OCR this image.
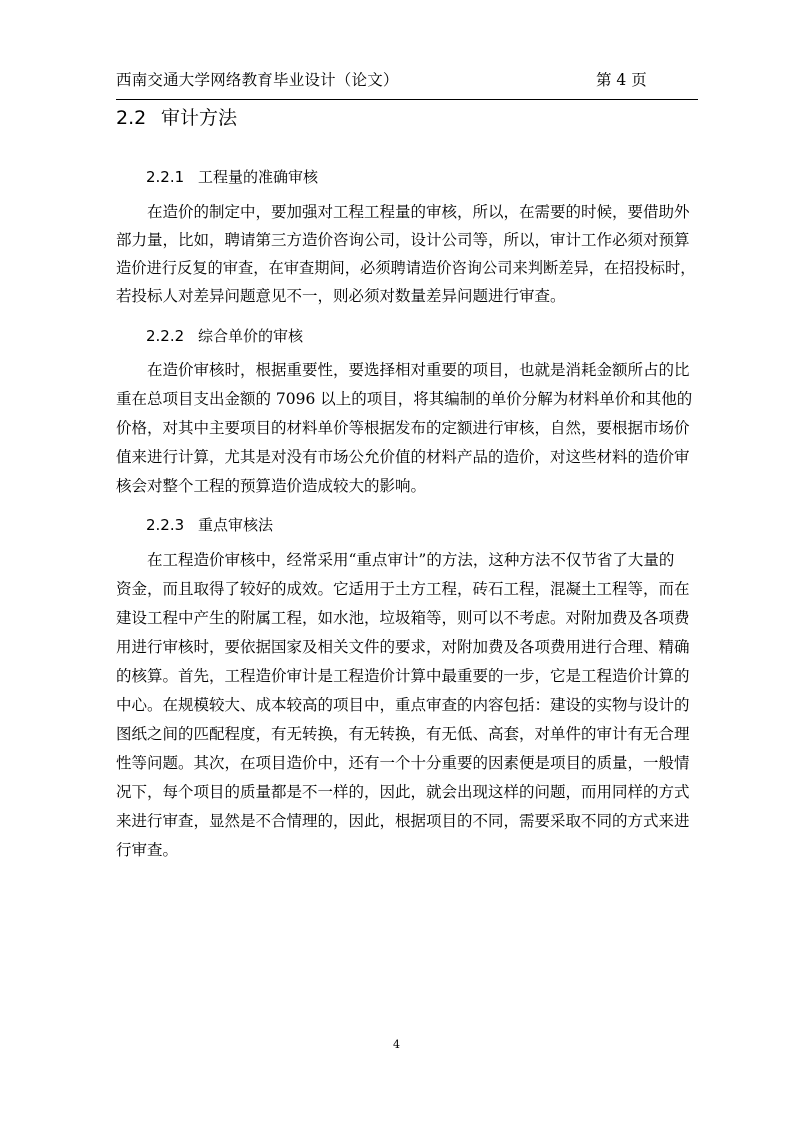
西南交通大学网络教育毕业设计（论文）	第 4 页
2.2 审计方法
2.2.1 工程量的准确审核
在造价的制定中，要加强对工程工程量的审核，所以，在需要的时候，要借助外
部力量，比如，聘请第三方造价咨询公司，设计公司等，所以，审计工作必须对预算
造价进行反复的审查，在审查期间，必须聘请造价咨询公司来判断差异，在招投标时，
若投标人对差异问题意见不一，则必须对数量差异问题进行审查。
2.2.2 综合单价的审核
在造价审核时，根据重要性，要选择相对重要的项目，也就是消耗金额所占的比
重在总项目支出金额的 7096 以上的项目，将其编制的单价分解为材料单价和其他的
价格，对其中主要项目的材料单价等根据发布的定额进行审核，自然，要根据市场价
值来进行计算，尤其是对没有市场公允价值的材料产品的造价，对这些材料的造价审
核会对整个工程的预算造价造成较大的影响。
2.2.3 重点审核法
在工程造价审核中，经常采用“重点审计”的方法，这种方法不仅节省了大量的
资金，而且取得了较好的成效。它适用于土方工程，砖石工程，混凝土工程等，而在
建设工程中产生的附属工程，如水池，垃圾箱等，则可以不考虑。对附加费及各项费
用进行审核时，要依据国家及相关文件的要求，对附加费及各项费用进行合理、精确
的核算。首先，工程造价审计是工程造价计算中最重要的一步，它是工程造价计算的
中心。在规模较大、成本较高的项目中，重点审查的内容包括：建设的实物与设计的
图纸之间的匹配程度，有无转换，有无转换，有无低、高套，对单件的审计有无合理
性等问题。其次，在项目造价中，还有一个十分重要的因素便是项目的质量，一般情
况下，每个项目的质量都是不一样的，因此，就会出现这样的问题，而用同样的方式
来进行审查，显然是不合情理的，因此，根据项目的不同，需要采取不同的方式来进
行审查。
4
